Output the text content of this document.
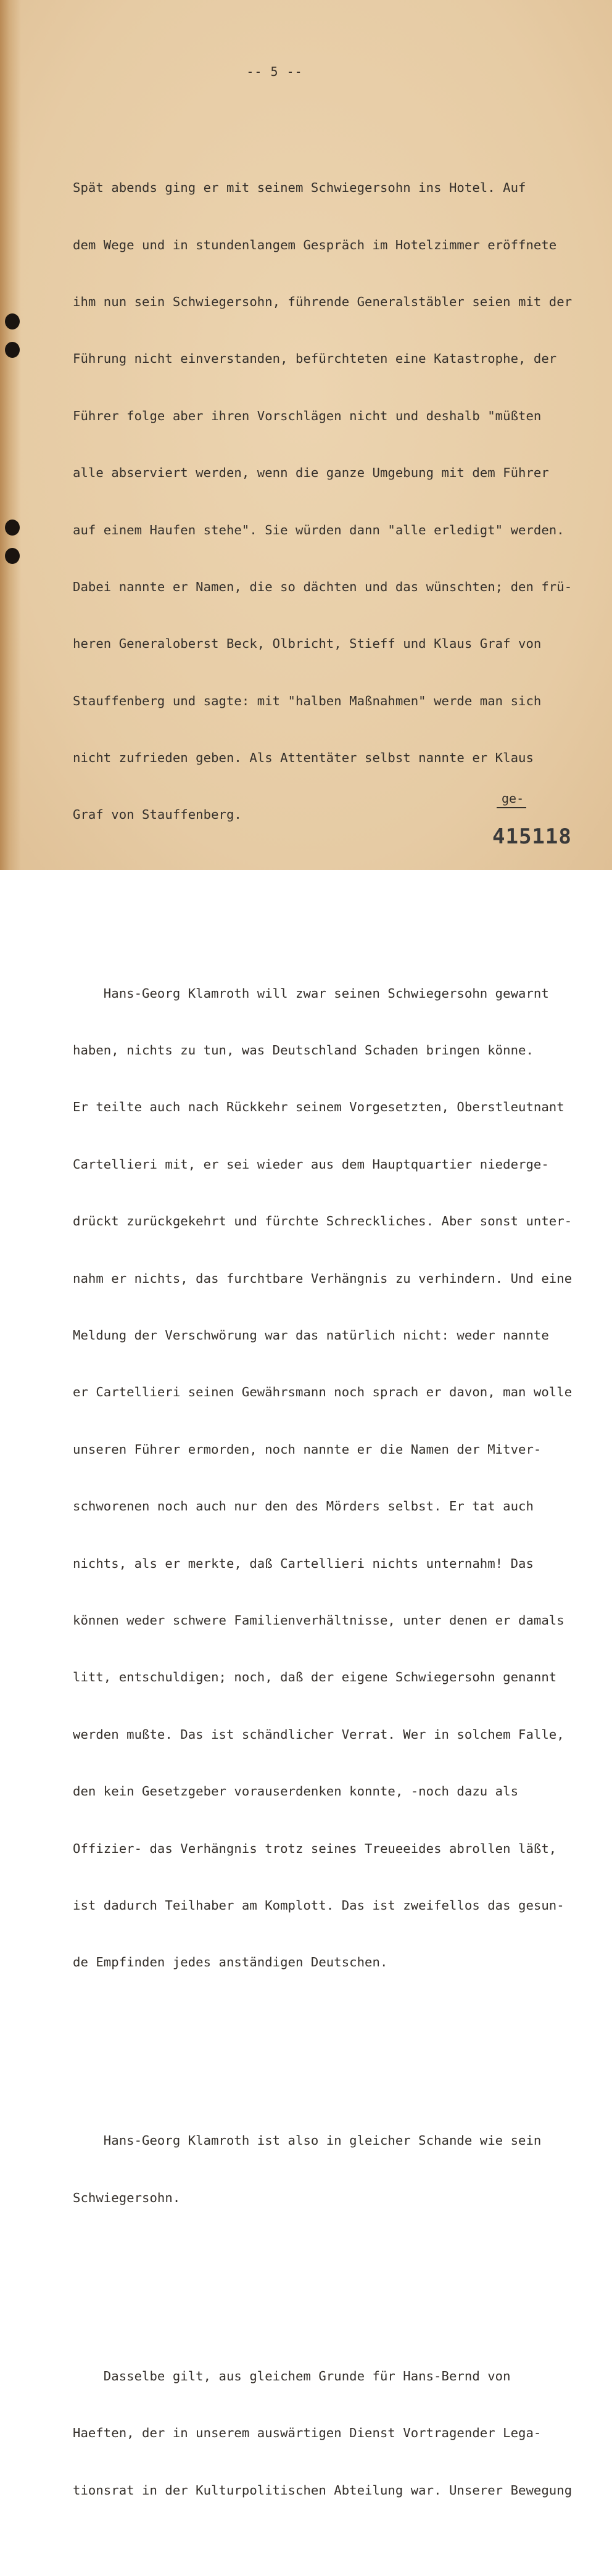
-- 5 --

Spät abends ging er mit seinem Schwiegersohn ins Hotel. Auf

dem Wege und in stundenlangem Gespräch im Hotelzimmer eröffnete

ihm nun sein Schwiegersohn, führende Generalstäbler seien mit der

Führung nicht einverstanden, befürchteten eine Katastrophe, der

Führer folge aber ihren Vorschlägen nicht und deshalb "müßten

alle abserviert werden, wenn die ganze Umgebung mit dem Führer

auf einem Haufen stehe". Sie würden dann "alle erledigt" werden.

Dabei nannte er Namen, die so dächten und das wünschten; den frü-

heren Generaloberst Beck, Olbricht, Stieff und Klaus Graf von

Stauffenberg und sagte: mit "halben Maßnahmen" werde man sich

nicht zufrieden geben. Als Attentäter selbst nannte er Klaus

Graf von Stauffenberg.

Hans-Georg Klamroth will zwar seinen Schwiegersohn gewarnt

haben, nichts zu tun, was Deutschland Schaden bringen könne.

Er teilte auch nach Rückkehr seinem Vorgesetzten, Oberstleutnant

Cartellieri mit, er sei wieder aus dem Hauptquartier niederge-

drückt zurückgekehrt und fürchte Schreckliches. Aber sonst unter-

nahm er nichts, das furchtbare Verhängnis zu verhindern. Und eine

Meldung der Verschwörung war das natürlich nicht: weder nannte

er Cartellieri seinen Gewährsmann noch sprach er davon, man wolle

unseren Führer ermorden, noch nannte er die Namen der Mitver-

schworenen noch auch nur den des Mörders selbst. Er tat auch

nichts, als er merkte, daß Cartellieri nichts unternahm! Das

können weder schwere Familienverhältnisse, unter denen er damals

litt, entschuldigen; noch, daß der eigene Schwiegersohn genannt

werden mußte. Das ist schändlicher Verrat. Wer in solchem Falle,

den kein Gesetzgeber vorauserdenken konnte, -noch dazu als

Offizier- das Verhängnis trotz seines Treueeides abrollen läßt,

ist dadurch Teilhaber am Komplott. Das ist zweifellos das gesun-

de Empfinden jedes anständigen Deutschen.

Hans-Georg Klamroth ist also in gleicher Schande wie sein

Schwiegersohn.

Dasselbe gilt, aus gleichem Grunde für Hans-Bernd von

Haeften, der in unserem auswärtigen Dienst Vortragender Lega-

tionsrat in der Kulturpolitischen Abteilung war. Unserer Bewegung

ge-
415118
